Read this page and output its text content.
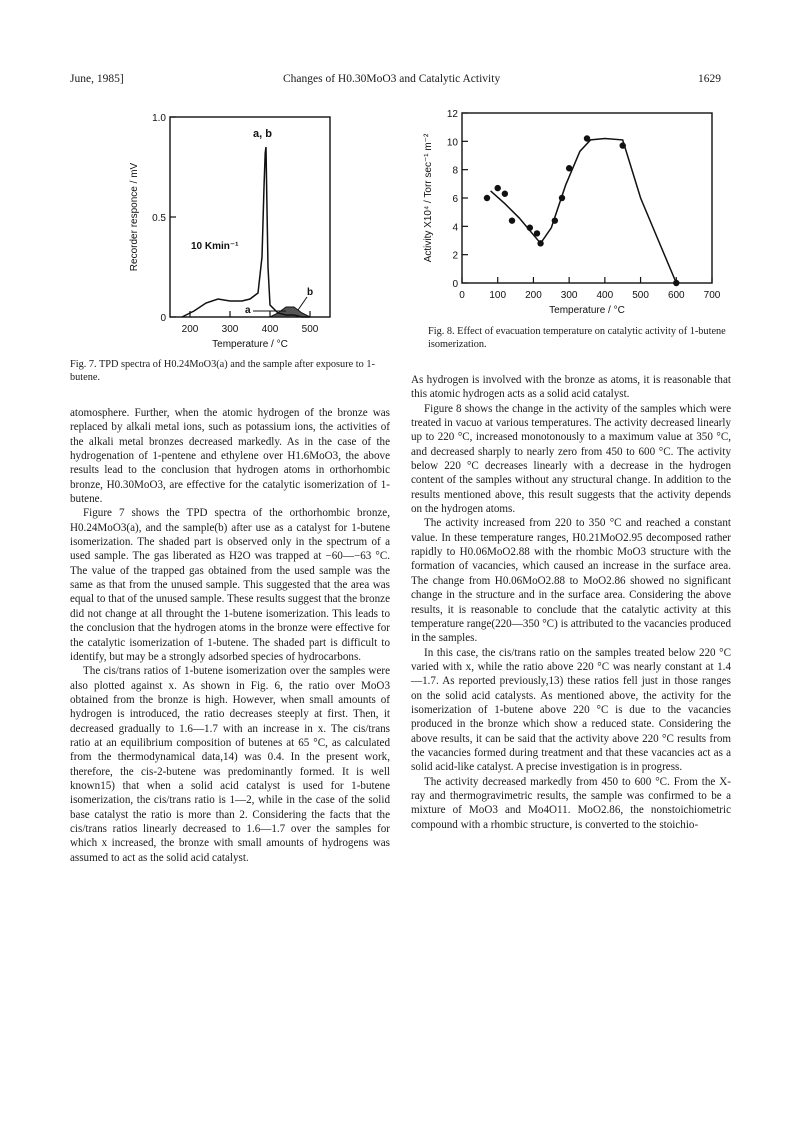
June, 1985]	Changes of H0.30MoO3 and Catalytic Activity	1629
200 300 400 500
0
0.5
1.0
a, b
10 Kmin⁻¹
a
b
Temperature / °C
Recorder responce / mV
Fig. 7. TPD spectra of H0.24MoO3(a) and the sample after exposure to 1-butene.
0 100 200 300 400 500 600 700
0
2
4
6
8
10
12
Temperature / °C
Activity X10⁴ / Torr sec⁻¹ m⁻²
Fig. 8. Effect of evacuation temperature on catalytic activity of 1-butene isomerization.

atomosphere. Further, when the atomic hydrogen of the bronze was replaced by alkali metal ions, such as potassium ions, the activities of the alkali metal bronzes decreased markedly. As in the case of the hydrogenation of 1-pentene and ethylene over H1.6MoO3, the above results lead to the conclusion that hydrogen atoms in orthorhombic bronze, H0.30MoO3, are effective for the catalytic isomerization of 1-butene.

Figure 7 shows the TPD spectra of the orthorhombic bronze, H0.24MoO3(a), and the sample(b) after use as a catalyst for 1-butene isomerization. The shaded part is observed only in the spectrum of a used sample. The gas liberated as H2O was trapped at −60—−63 °C. The value of the trapped gas obtained from the used sample was the same as that from the unused sample. This suggested that the area was equal to that of the unused sample. These results suggest that the bronze did not change at all throught the 1-butene isomerization. This leads to the conclusion that the hydrogen atoms in the bronze were effective for the catalytic isomerization of 1-butene. The shaded part is difficult to identify, but may be a strongly adsorbed species of hydrocarbons.

The cis/trans ratios of 1-butene isomerization over the samples were also plotted against x. As shown in Fig. 6, the ratio over MoO3 obtained from the bronze is high. However, when small amounts of hydrogen is introduced, the ratio decreases steeply at first. Then, it decreased gradually to 1.6—1.7 with an increase in x. The cis/trans ratio at an equilibrium composition of butenes at 65 °C, as calculated from the thermodynamical data,14) was 0.4. In the present work, therefore, the cis-2-butene was predominantly formed. It is well known15) that when a solid acid catalyst is used for 1-butene isomerization, the cis/trans ratio is 1—2, while in the case of the solid base catalyst the ratio is more than 2. Considering the facts that the cis/trans ratios linearly decreased to 1.6—1.7 over the samples for which x increased, the bronze with small amounts of hydrogens was assumed to act as the solid acid catalyst.

As hydrogen is involved with the bronze as atoms, it is reasonable that this atomic hydrogen acts as a solid acid catalyst.

Figure 8 shows the change in the activity of the samples which were treated in vacuo at various temperatures. The activity decreased linearly up to 220 °C, increased monotonously to a maximum value at 350 °C, and decreased sharply to nearly zero from 450 to 600 °C. The activity below 220 °C decreases linearly with a decrease in the hydrogen content of the samples without any structural change. In addition to the results mentioned above, this result suggests that the activity depends on the hydrogen atoms.

The activity increased from 220 to 350 °C and reached a constant value. In these temperature ranges, H0.21MoO2.95 decomposed rather rapidly to H0.06MoO2.88 with the rhombic MoO3 structure with the formation of vacancies, which caused an increase in the surface area. The change from H0.06MoO2.88 to MoO2.86 showed no significant change in the structure and in the surface area. Considering the above results, it is reasonable to conclude that the catalytic activity at this temperature range(220—350 °C) is attributed to the vacancies produced in the samples.

In this case, the cis/trans ratio on the samples treated below 220 °C varied with x, while the ratio above 220 °C was nearly constant at 1.4—1.7. As reported previously,13) these ratios fell just in those ranges on the solid acid catalysts. As mentioned above, the activity for the isomerization of 1-butene above 220 °C is due to the vacancies produced in the bronze which show a reduced state. Considering the above results, it can be said that the activity above 220 °C results from the vacancies formed during treatment and that these vacancies act as a solid acid-like catalyst. A precise investigation is in progress.

The activity decreased markedly from 450 to 600 °C. From the X-ray and thermogravimetric results, the sample was confirmed to be a mixture of MoO3 and Mo4O11. MoO2.86, the nonstoichiometric compound with a rhombic structure, is converted to the stoichio-
